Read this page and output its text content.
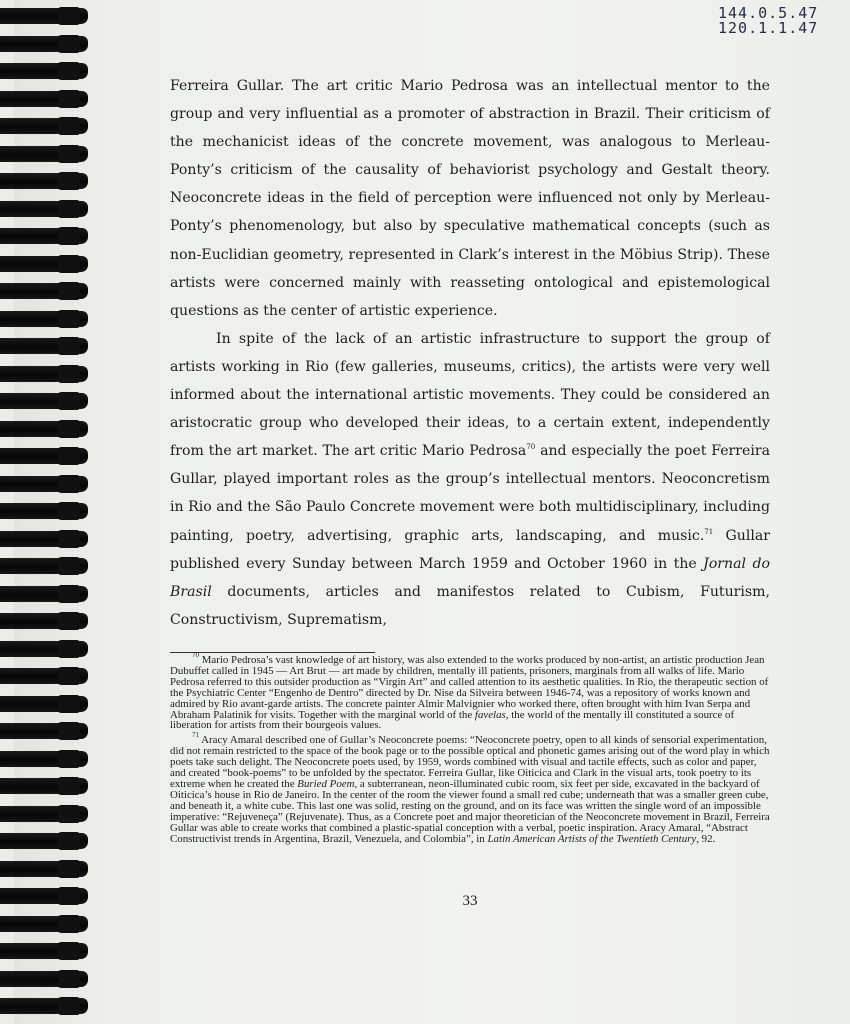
144.0.5.47
120.1.1.47

Ferreira Gullar. The art critic Mario Pedrosa was an intellectual mentor to the group and very influential as a promoter of abstraction in Brazil. Their criticism of the mechanicist ideas of the concrete movement, was analogous to Merleau-Ponty’s criticism of the causality of behaviorist psychology and Gestalt theory. Neoconcrete ideas in the field of perception were influenced not only by Merleau-Ponty’s phenomenology, but also by speculative mathematical concepts (such as non-Euclidian geometry, represented in Clark’s interest in the Möbius Strip). These artists were concerned mainly with reasseting ontological and epistemological questions as the center of artistic experience.

In spite of the lack of an artistic infrastructure to support the group of artists working in Rio (few galleries, museums, critics), the artists were very well informed about the international artistic movements. They could be considered an aristocratic group who developed their ideas, to a certain extent, independently from the art market. The art critic Mario Pedrosa$^{70}$ and especially the poet Ferreira Gullar, played important roles as the group’s intellectual mentors. Neoconcretism in Rio and the São Paulo Concrete movement were both multidisciplinary, including painting, poetry, advertising, graphic arts, landscaping, and music.$^{71}$ Gullar published every Sunday between March 1959 and October 1960 in the Jornal do Brasil documents, articles and manifestos related to Cubism, Futurism, Constructivism, Suprematism,

$^{70}$ Mario Pedrosa’s vast knowledge of art history, was also extended to the works produced by non-artist, an artistic production Jean Dubuffet called in 1945 — Art Brut — art made by children, mentally ill patients, prisoners, marginals from all walks of life. Mario Pedrosa referred to this outsider production as “Virgin Art” and called attention to its aesthetic qualities. In Rio, the therapeutic section of the Psychiatric Center “Engenho de Dentro” directed by Dr. Nise da Silveira between 1946-74, was a repository of works known and admired by Rio avant-garde artists. The concrete painter Almir Malvignier who worked there, often brought with him Ivan Serpa and Abraham Palatinik for visits. Together with the marginal world of the favelas, the world of the mentally ill constituted a source of liberation for artists from their bourgeois values.

$^{71}$ Aracy Amaral described one of Gullar’s Neoconcrete poems: “Neoconcrete poetry, open to all kinds of sensorial experimentation, did not remain restricted to the space of the book page or to the possible optical and phonetic games arising out of the word play in which poets take such delight. The Neoconcrete poets used, by 1959, words combined with visual and tactile effects, such as color and paper, and created “book-poems” to be unfolded by the spectator. Ferreira Gullar, like Oiticica and Clark in the visual arts, took poetry to its extreme when he created the Buried Poem, a subterranean, neon-illuminated cubic room, six feet per side, excavated in the backyard of Oiticica’s house in Rio de Janeiro. In the center of the room the viewer found a small red cube; underneath that was a smaller green cube, and beneath it, a white cube. This last one was solid, resting on the ground, and on its face was written the single word of an impossible imperative: “Rejuveneça” (Rejuvenate). Thus, as a Concrete poet and major theoretician of the Neoconcrete movement in Brazil, Ferreira Gullar was able to create works that combined a plastic-spatial conception with a verbal, poetic inspiration. Aracy Amaral, “Abstract Constructivist trends in Argentina, Brazil, Venezuela, and Colombia”, in Latin American Artists of the Twentieth Century, 92.

33
